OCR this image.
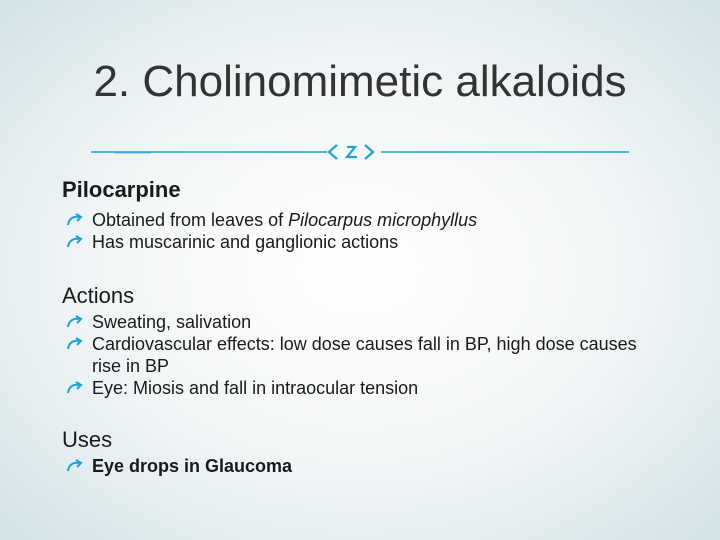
2. Cholinomimetic alkaloids
Pilocarpine
Obtained from leaves of Pilocarpus microphyllus
Has muscarinic and ganglionic actions
Actions
Sweating, salivation
Cardiovascular effects: low dose causes fall in BP, high dose causes rise in BP
Eye: Miosis and fall in intraocular tension
Uses
Eye drops in Glaucoma
